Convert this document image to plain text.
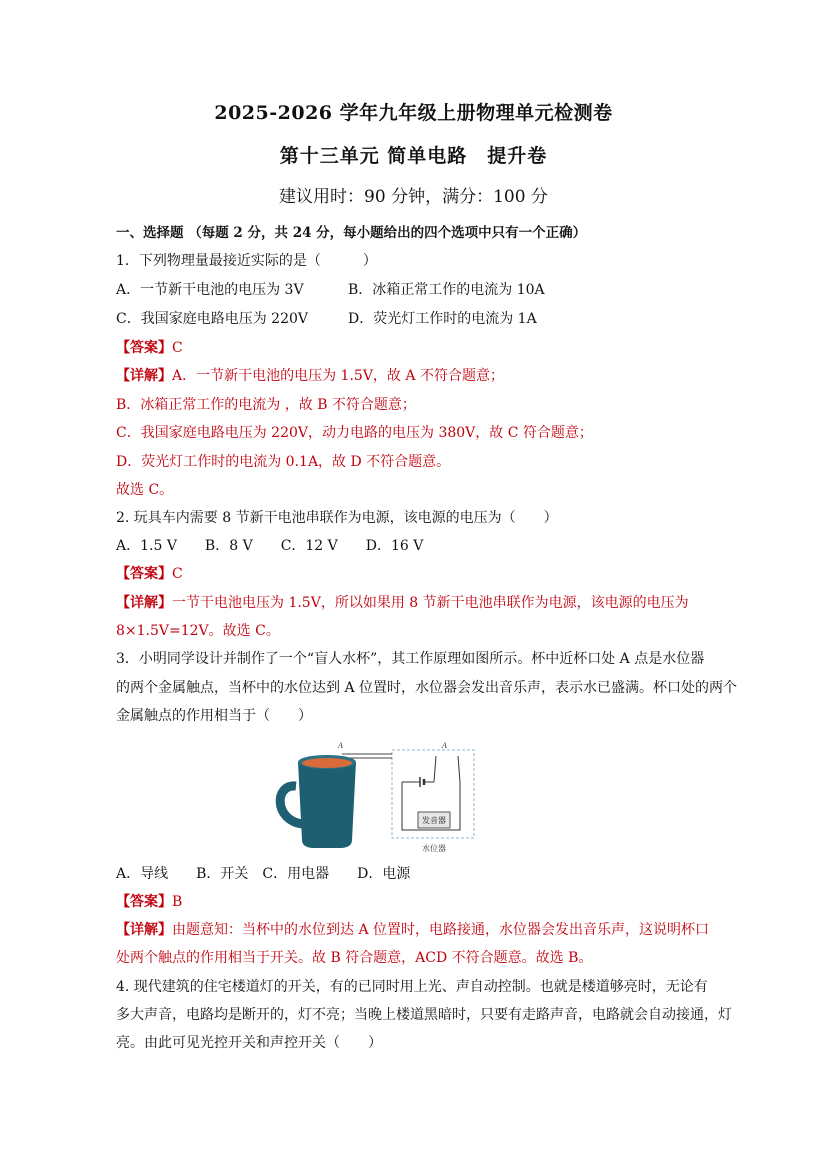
2025-2026 学年九年级上册物理单元检测卷
第十三单元 简单电路　提升卷
建议用时：90 分钟，满分：100 分
一、选择题 （每题 2 分，共 24 分，每小题给出的四个选项中只有一个正确）
1．下列物理量最接近实际的是（　　　）
A．一节新干电池的电压为 3V	B．冰箱正常工作的电流为 10A
C．我国家庭电路电压为 220V	D．荧光灯工作时的电流为 1A
【答案】C
【详解】A．一节新干电池的电压为 1.5V，故 A 不符合题意；
B．冰箱正常工作的电流为 ，故 B 不符合题意；
C．我国家庭电路电压为 220V，动力电路的电压为 380V，故 C 符合题意；
D．荧光灯工作时的电流为 0.1A，故 D 不符合题意。
故选 C。
2. 玩具车内需要 8 节新干电池串联作为电源，该电源的电压为（　　）
A．1.5 V　　B．8 V　　C．12 V　　D．16 V
【答案】C
【详解】一节干电池电压为 1.5V，所以如果用 8 节新干电池串联作为电源，该电源的电压为
8×1.5V=12V。故选 C。
3．小明同学设计并制作了一个“盲人水杯”，其工作原理如图所示。杯中近杯口处 A 点是水位器
的两个金属触点，当杯中的水位达到 A 位置时，水位器会发出音乐声，表示水已盛满。杯口处的两个
金属触点的作用相当于（　　）
A
发音器
水位器
A
A．导线　　B．开关　C．用电器　　D．电源
【答案】B
【详解】由题意知：当杯中的水位到达 A 位置时，电路接通，水位器会发出音乐声，这说明杯口
处两个触点的作用相当于开关。故 B 符合题意，ACD 不符合题意。故选 B。
4. 现代建筑的住宅楼道灯的开关，有的已同时用上光、声自动控制。也就是楼道够亮时，无论有
多大声音，电路均是断开的，灯不亮；当晚上楼道黑暗时，只要有走路声音，电路就会自动接通，灯
亮。由此可见光控开关和声控开关（　　）
